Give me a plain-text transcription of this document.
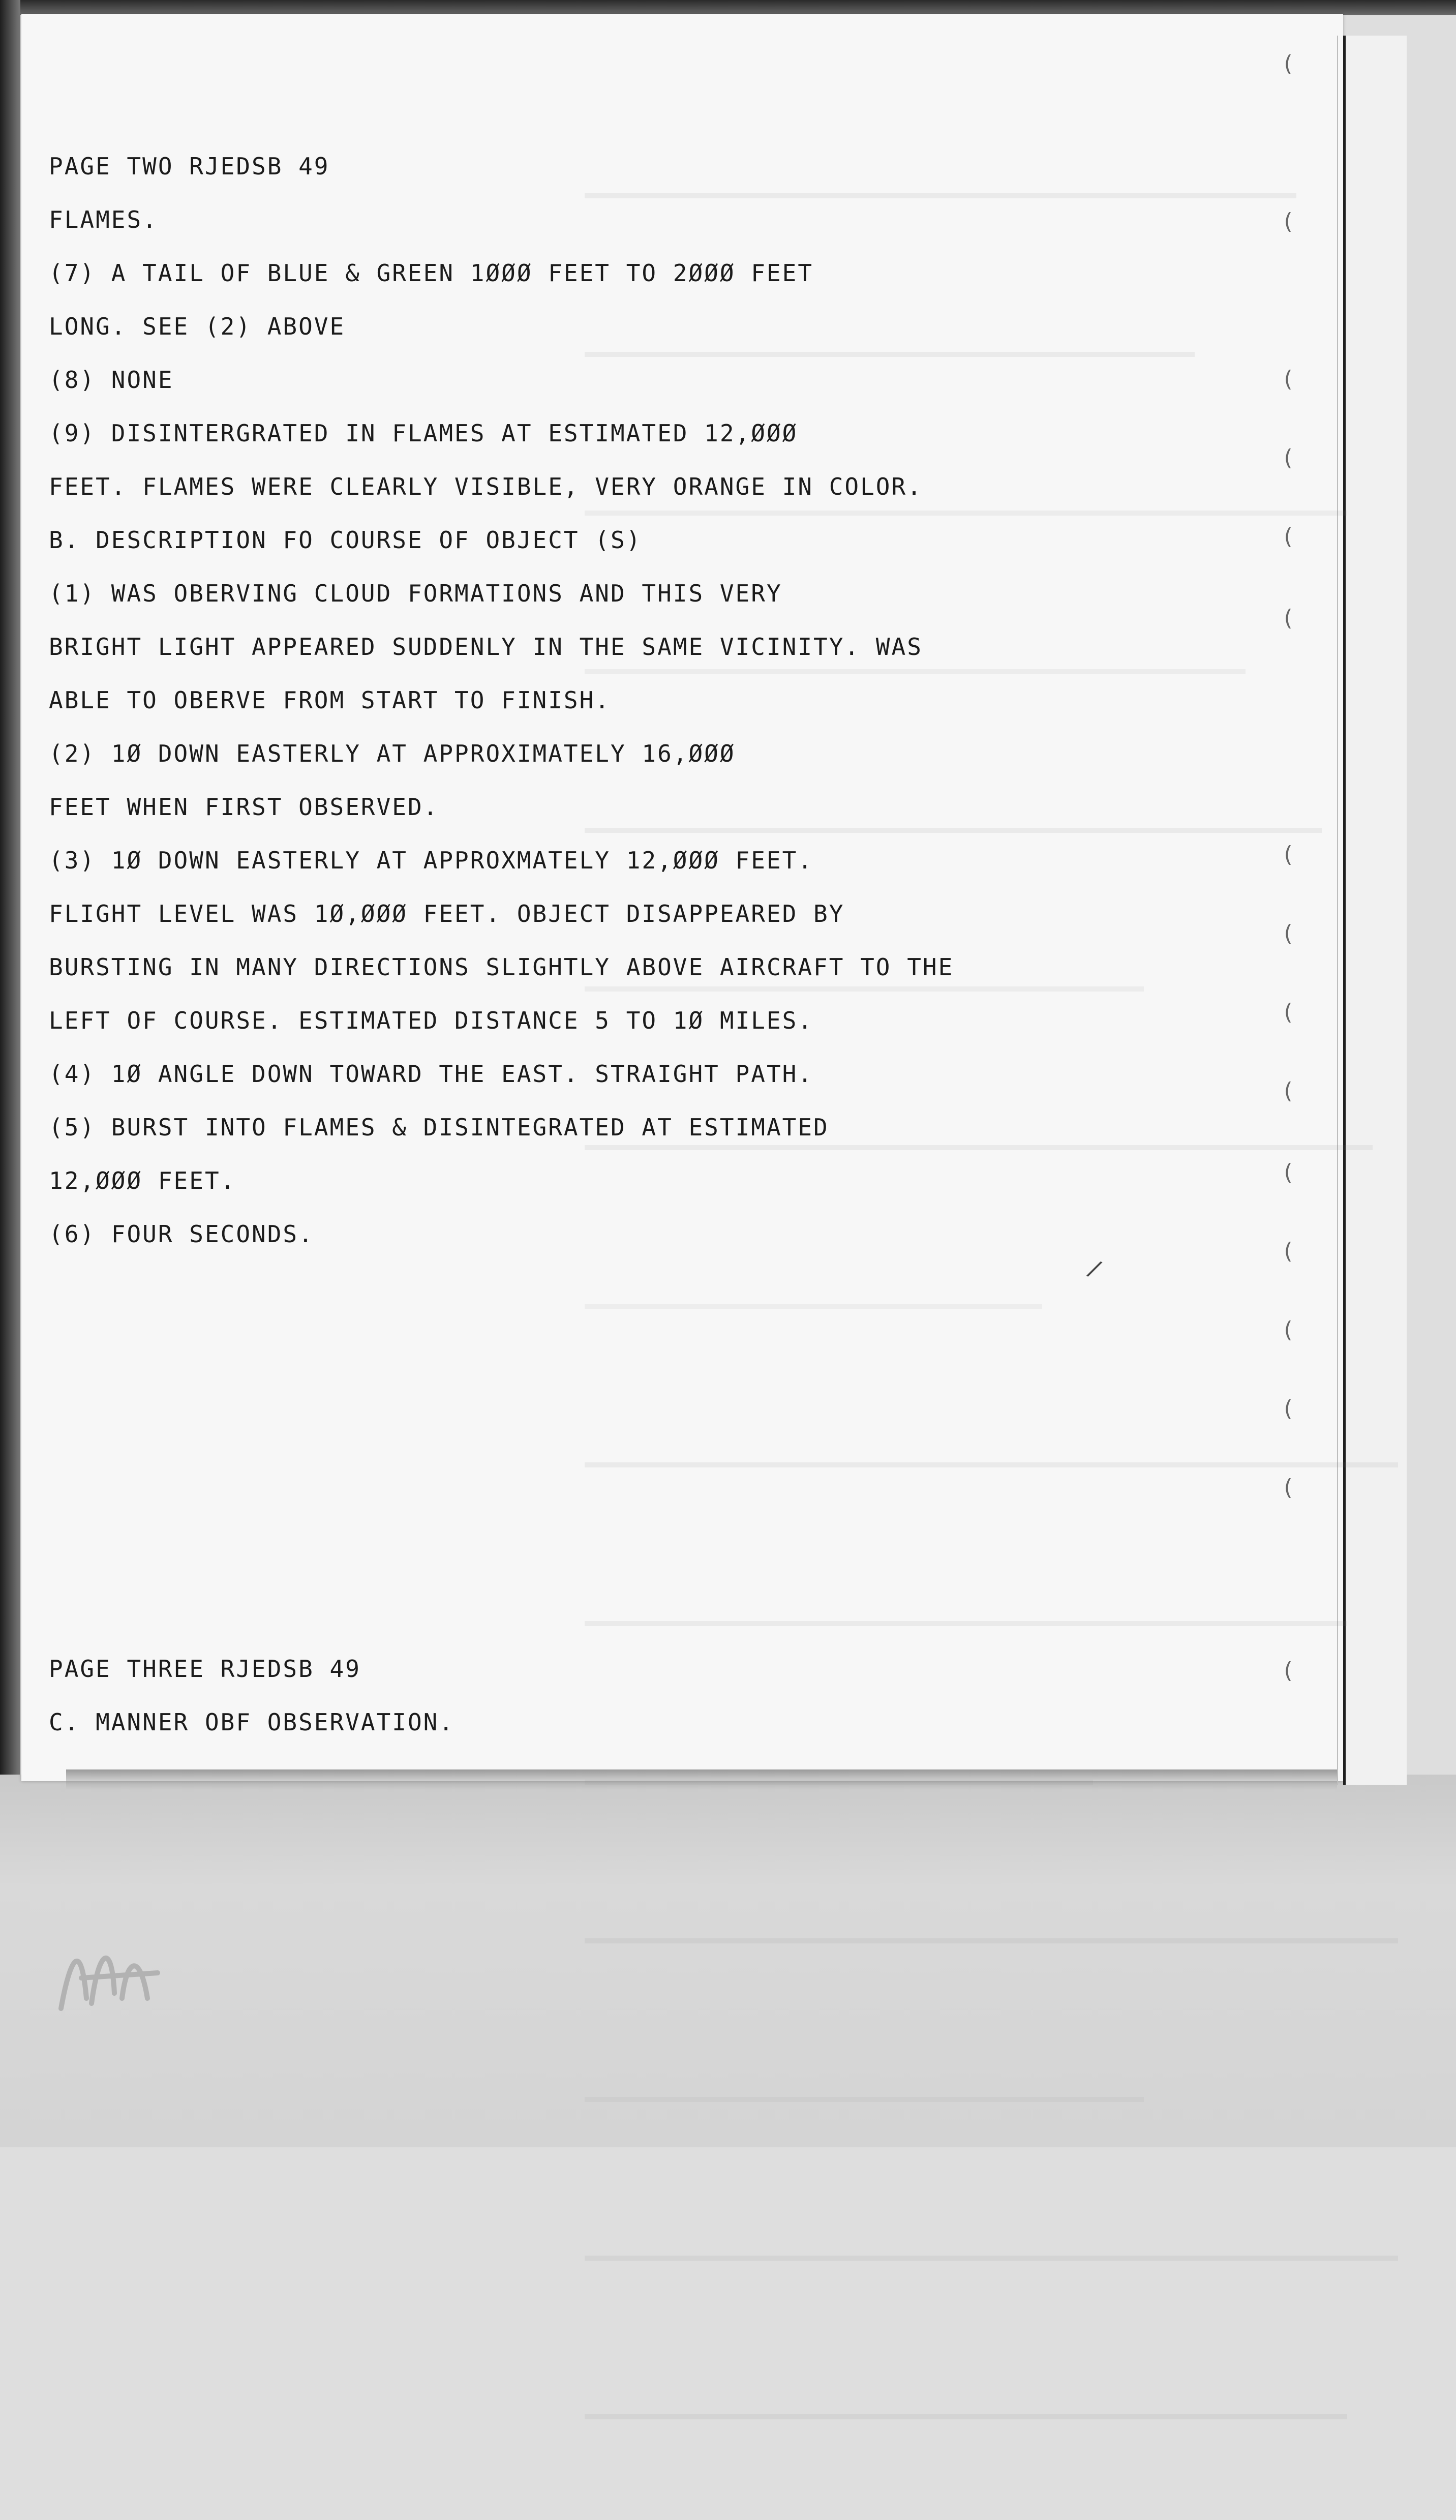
(
(
(
(
(
(
(
(
(
(
(
(
(
(
(
(
PAGE TWO RJEDSB 49
FLAMES.
(7) A TAIL OF BLUE & GREEN 1ØØØ FEET TO 2ØØØ FEET
LONG. SEE (2) ABOVE
(8) NONE
(9) DISINTERGRATED IN FLAMES AT ESTIMATED 12,ØØØ
FEET. FLAMES WERE CLEARLY VISIBLE, VERY ORANGE IN COLOR.
B. DESCRIPTION FO COURSE OF OBJECT (S)
(1) WAS OBERVING CLOUD FORMATIONS AND THIS VERY
BRIGHT LIGHT APPEARED SUDDENLY IN THE SAME VICINITY. WAS
ABLE TO OBERVE FROM START TO FINISH.
(2) 1Ø DOWN EASTERLY AT APPROXIMATELY 16,ØØØ
FEET WHEN FIRST OBSERVED.
(3) 1Ø DOWN EASTERLY AT APPROXMATELY 12,ØØØ FEET.
FLIGHT LEVEL WAS 1Ø,ØØØ FEET. OBJECT DISAPPEARED BY
BURSTING IN MANY DIRECTIONS SLIGHTLY ABOVE AIRCRAFT TO THE
LEFT OF COURSE. ESTIMATED DISTANCE 5 TO 1Ø MILES.
(4) 1Ø ANGLE DOWN TOWARD THE EAST. STRAIGHT PATH.
(5) BURST INTO FLAMES & DISINTEGRATED AT ESTIMATED
12,ØØØ FEET.
(6) FOUR SECONDS.
PAGE THREE RJEDSB 49
C. MANNER OBF OBSERVATION.
/
